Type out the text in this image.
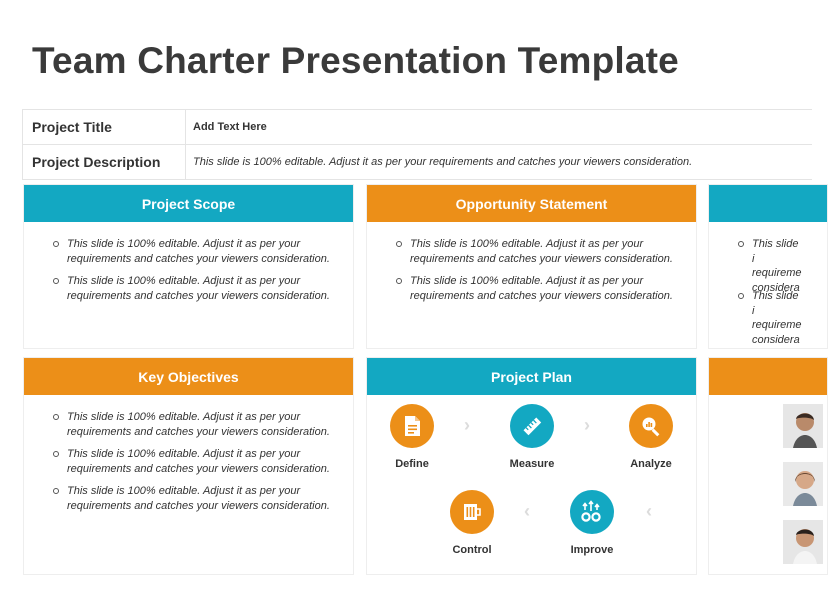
Team Charter Presentation Template
Project Title	Add Text Here
Project Description	This slide is 100% editable. Adjust it as per your requirements and catches your viewers consideration.
Project Scope
This slide is 100% editable. Adjust it as per your requirements and catches your viewers consideration.
This slide is 100% editable. Adjust it as per your requirements and catches your viewers consideration.
Opportunity Statement
This slide is 100% editable. Adjust it as per your requirements and catches your viewers consideration.
This slide is 100% editable. Adjust it as per your requirements and catches your viewers consideration.
This slide i requireme considera
This slide i requireme considera
Key Objectives
This slide is 100% editable. Adjust it as per your requirements and catches your viewers consideration.
This slide is 100% editable. Adjust it as per your requirements and catches your viewers consideration.
This slide is 100% editable. Adjust it as per your requirements and catches your viewers consideration.
Project Plan
Define
›
Measure
›
Analyze
Control
‹
Improve
‹
